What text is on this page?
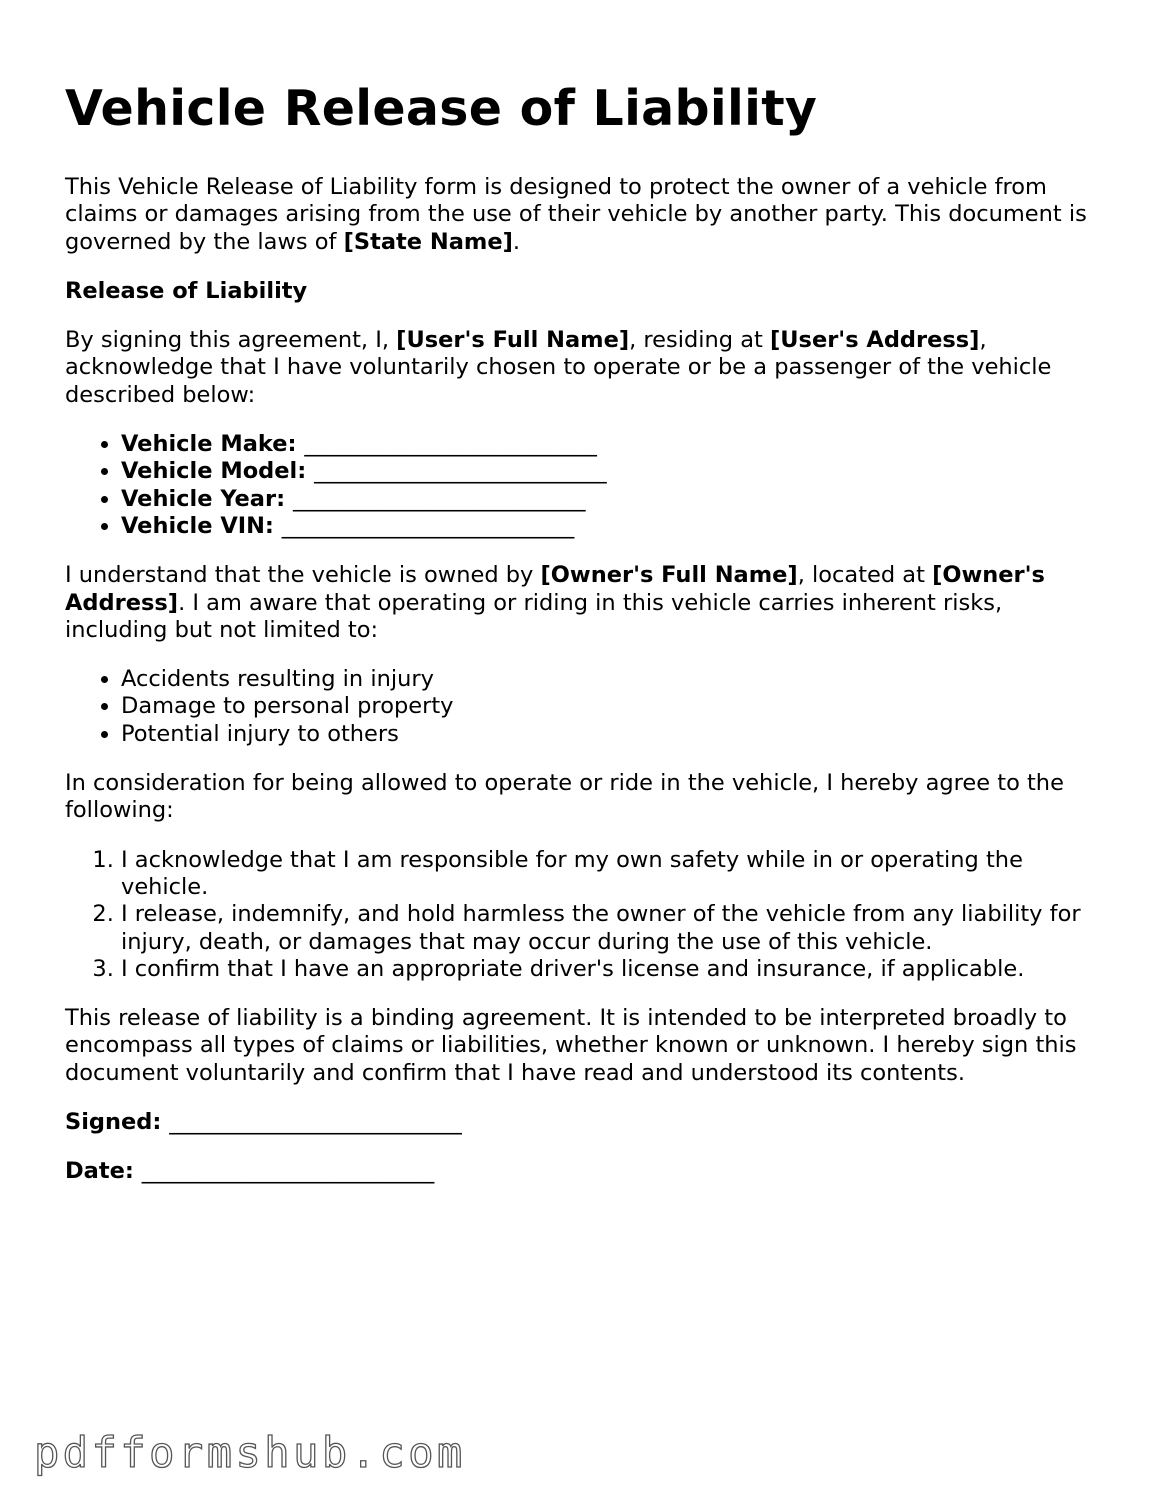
Vehicle Release of Liability

This Vehicle Release of Liability form is designed to protect the owner of a vehicle from claims or damages arising from the use of their vehicle by another party. This document is governed by the laws of [State Name].

Release of Liability

By signing this agreement, I, [User's Full Name], residing at [User's Address], acknowledge that I have voluntarily chosen to operate or be a passenger of the vehicle described below:

• Vehicle Make: __________________________
• Vehicle Model: __________________________
• Vehicle Year: __________________________
• Vehicle VIN: __________________________

I understand that the vehicle is owned by [Owner's Full Name], located at [Owner's Address]. I am aware that operating or riding in this vehicle carries inherent risks, including but not limited to:

• Accidents resulting in injury
• Damage to personal property
• Potential injury to others

In consideration for being allowed to operate or ride in the vehicle, I hereby agree to the following:

1. I acknowledge that I am responsible for my own safety while in or operating the vehicle.
2. I release, indemnify, and hold harmless the owner of the vehicle from any liability for injury, death, or damages that may occur during the use of this vehicle.
3. I confirm that I have an appropriate driver's license and insurance, if applicable.

This release of liability is a binding agreement. It is intended to be interpreted broadly to encompass all types of claims or liabilities, whether known or unknown. I hereby sign this document voluntarily and confirm that I have read and understood its contents.

Signed: __________________________
Date: __________________________
pdfformshub.com
